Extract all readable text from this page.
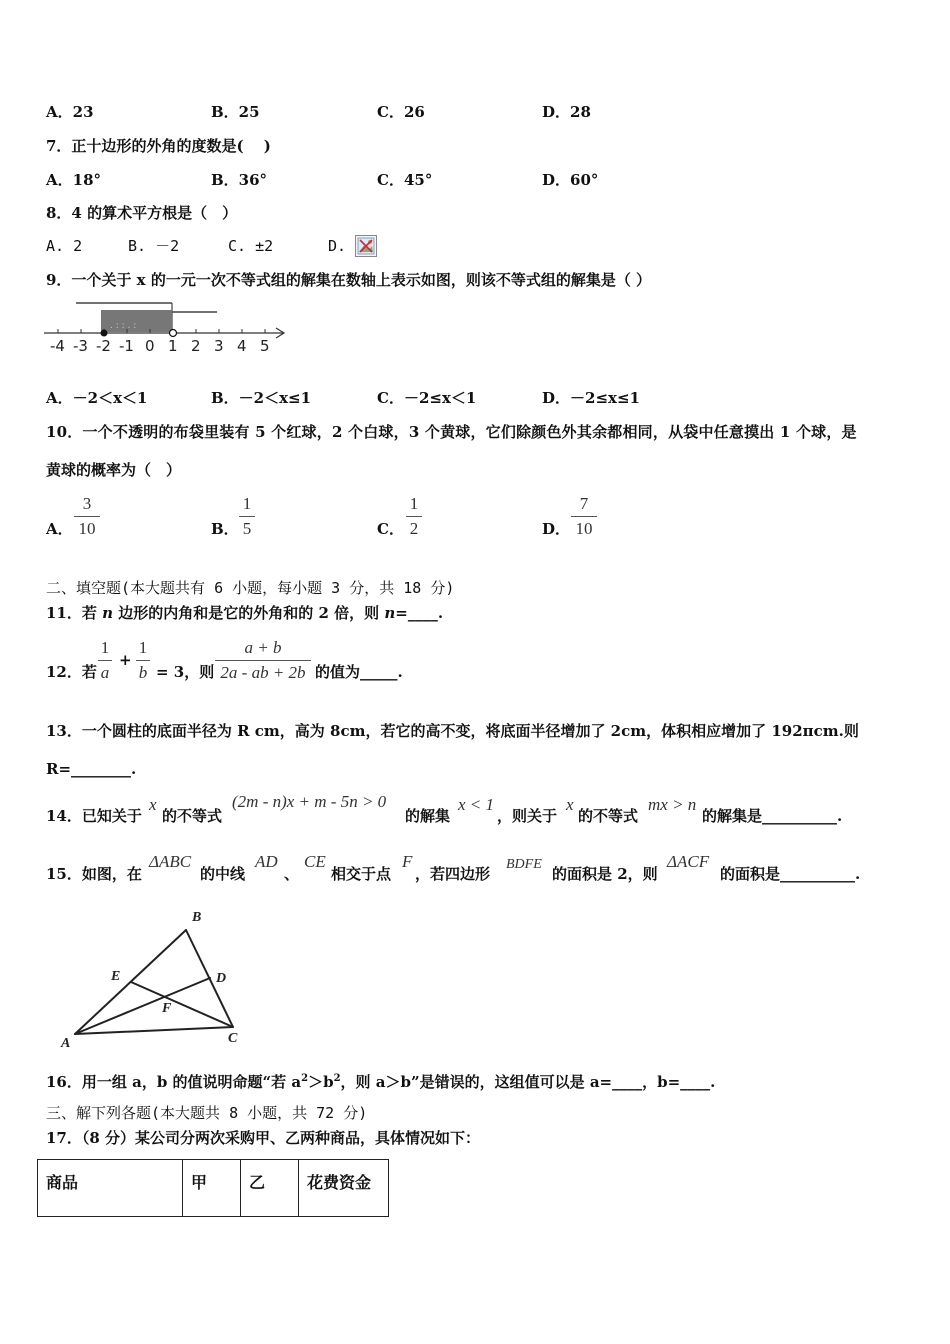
A．23	B．25	C．26	D．28
7．正十边形的外角的度数是(　 )
A．18°	B．36°	C．45°	D．60°
8．4 的算术平方根是（　）
A. 2	B. －2	C. ±2	D.
9．一个关于 x 的一元一次不等式组的解集在数轴上表示如图，则该不等式组的解集是（ ）
. : : . :
-4 -3 -2 -1 0 1 2 3 4 5
A．－2＜x＜1	B．－2＜x≤1	C．－2≤x＜1	D．－2≤x≤1
10．一个不透明的布袋里装有 5 个红球，2 个白球，3 个黄球，它们除颜色外其余都相同，从袋中任意摸出 1 个球，是
黄球的概率为（　）
A．
3
10	B．
1
5	C．
1
2	D．
7
10
二、填空题(本大题共有 6 小题，每小题 3 分，共 18 分)
11．若 n 边形的内角和是它的外角和的 2 倍，则 n=____.
12．若
1
a
+
1
b = 3，则
a + b
2a - ab + 2b 的值为_____.
13．一个圆柱的底面半径为 R cm，高为 8cm，若它的高不变，将底面半径增加了 2cm，体积相应增加了 192πcm.则
R=________.
14．已知关于
x
的不等式
(2m - n)x + m - 5n > 0
的解集
x < 1
，则关于
x
的不等式
mx > n
的解集是__________.
15．如图，在
ΔABC
的中线
AD
、
CE
相交于点
F
，若四边形
BDFE
的面积是 2，则
ΔACF
的面积是__________.
A
B
C
D
E
F
16．用一组 a，b 的值说明命题“若 $a^2>b^2$，则 a＞b”是错误的，这组值可以是 a=____，b=____.
三、解下列各题(本大题共 8 小题，共 72 分)
17．（8 分）某公司分两次采购甲、乙两种商品，具体情况如下：
商品	甲	乙	花费资金
